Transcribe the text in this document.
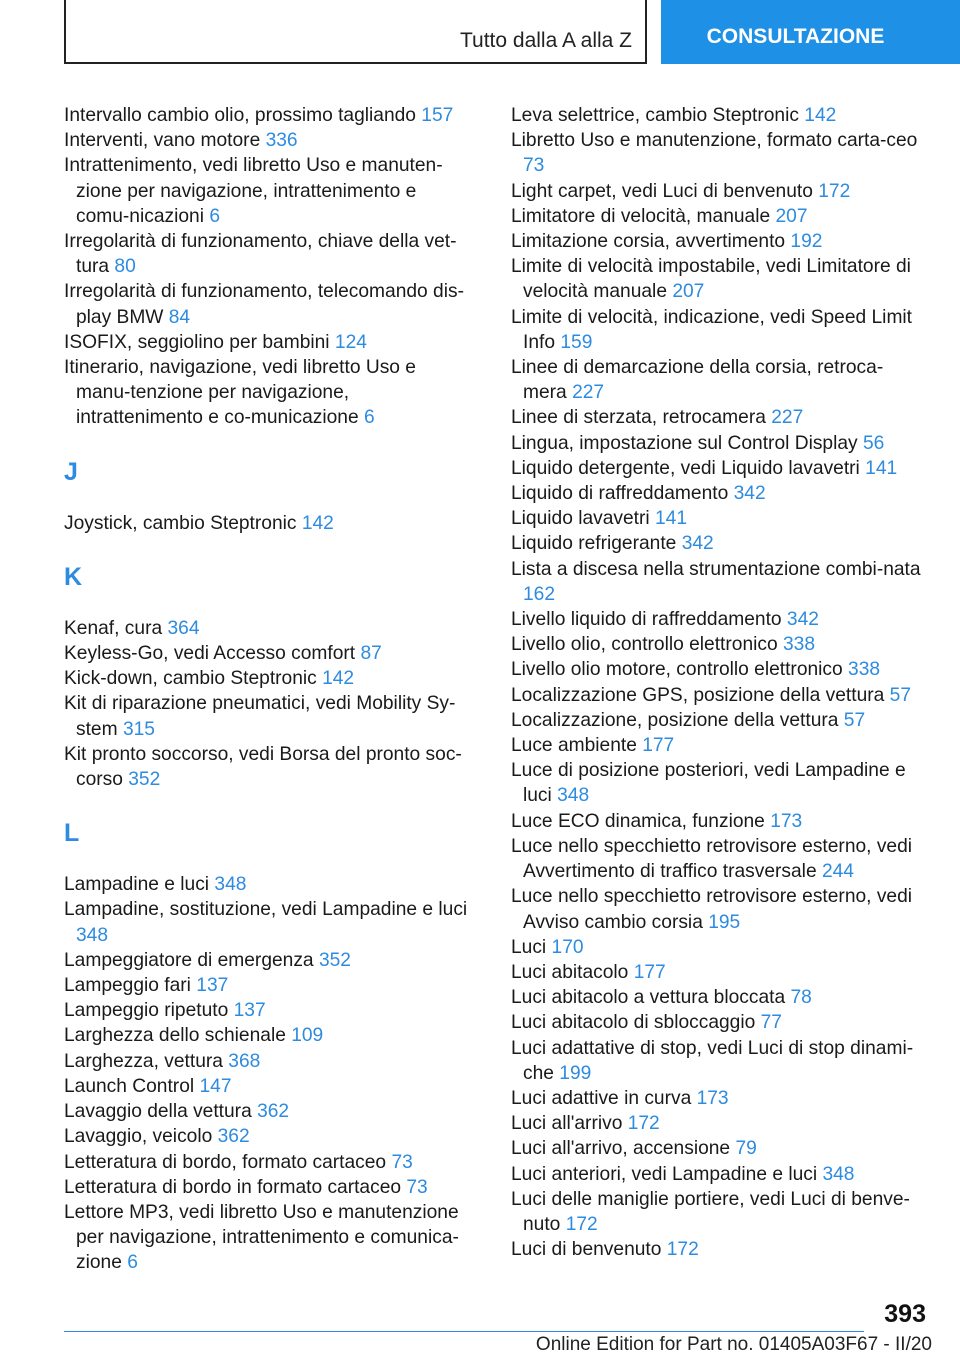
Tutto dalla A alla Z	CONSULTAZIONE
Intervallo cambio olio, prossimo tagliando 157
Interventi, vano motore 336
Intrattenimento, vedi libretto Uso e manuten-zione per navigazione, intrattenimento e comu-nicazioni 6
Irregolarità di funzionamento, chiave della vet-tura 80
Irregolarità di funzionamento, telecomando dis-play BMW 84
ISOFIX, seggiolino per bambini 124
Itinerario, navigazione, vedi libretto Uso e manu-tenzione per navigazione, intrattenimento e co-municazione 6
J
Joystick, cambio Steptronic 142
K
Kenaf, cura 364
Keyless-Go, vedi Accesso comfort 87
Kick-down, cambio Steptronic 142
Kit di riparazione pneumatici, vedi Mobility Sy-stem 315
Kit pronto soccorso, vedi Borsa del pronto soc-corso 352
L
Lampadine e luci 348
Lampadine, sostituzione, vedi Lampadine e luci 348
Lampeggiatore di emergenza 352
Lampeggio fari 137
Lampeggio ripetuto 137
Larghezza dello schienale 109
Larghezza, vettura 368
Launch Control 147
Lavaggio della vettura 362
Lavaggio, veicolo 362
Letteratura di bordo, formato cartaceo 73
Letteratura di bordo in formato cartaceo 73
Lettore MP3, vedi libretto Uso e manutenzione per navigazione, intrattenimento e comunica-zione 6
Leva selettrice, cambio Steptronic 142
Libretto Uso e manutenzione, formato carta-ceo 73
Light carpet, vedi Luci di benvenuto 172
Limitatore di velocità, manuale 207
Limitazione corsia, avvertimento 192
Limite di velocità impostabile, vedi Limitatore di velocità manuale 207
Limite di velocità, indicazione, vedi Speed Limit Info 159
Linee di demarcazione della corsia, retroca-mera 227
Linee di sterzata, retrocamera 227
Lingua, impostazione sul Control Display 56
Liquido detergente, vedi Liquido lavavetri 141
Liquido di raffreddamento 342
Liquido lavavetri 141
Liquido refrigerante 342
Lista a discesa nella strumentazione combi-nata 162
Livello liquido di raffreddamento 342
Livello olio, controllo elettronico 338
Livello olio motore, controllo elettronico 338
Localizzazione GPS, posizione della vettura 57
Localizzazione, posizione della vettura 57
Luce ambiente 177
Luce di posizione posteriori, vedi Lampadine e luci 348
Luce ECO dinamica, funzione 173
Luce nello specchietto retrovisore esterno, vedi Avvertimento di traffico trasversale 244
Luce nello specchietto retrovisore esterno, vedi Avviso cambio corsia 195
Luci 170
Luci abitacolo 177
Luci abitacolo a vettura bloccata 78
Luci abitacolo di sbloccaggio 77
Luci adattative di stop, vedi Luci di stop dinami-che 199
Luci adattive in curva 173
Luci all'arrivo 172
Luci all'arrivo, accensione 79
Luci anteriori, vedi Lampadine e luci 348
Luci delle maniglie portiere, vedi Luci di benve-nuto 172
Luci di benvenuto 172
393
Online Edition for Part no. 01405A03F67 - II/20
